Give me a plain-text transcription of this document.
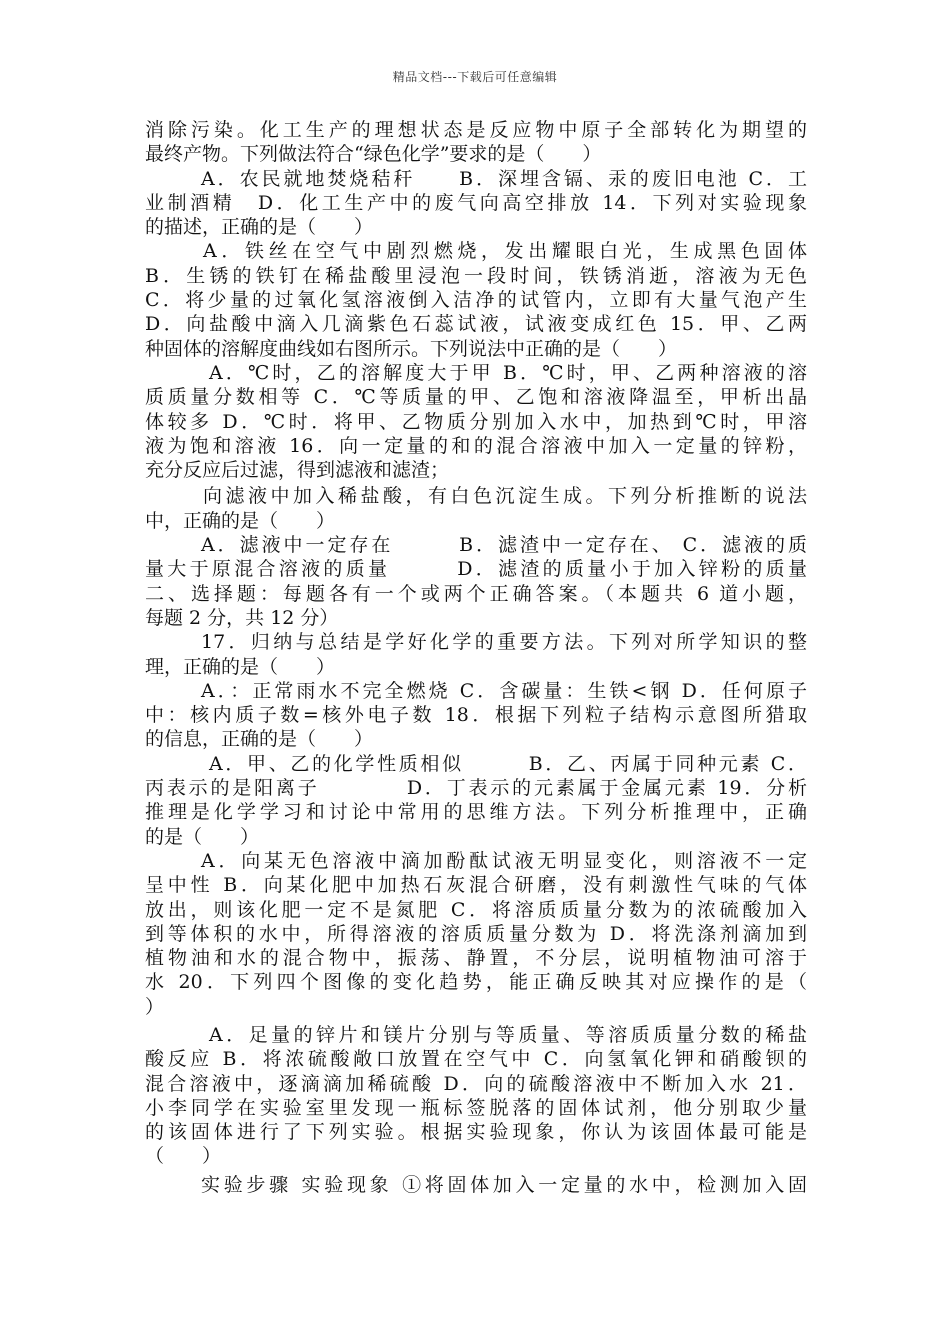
精品文档---下载后可任意编辑
消除污染。化工生产的理想状态是反应物中原子全部转化为期望的
最终产物。下列做法符合“绿色化学”要求的是（　　）
A．农民就地焚烧秸秆　　B．深埋含镉、汞的废旧电池 C．工
业制酒精　D．化工生产中的废气向高空排放 14．下列对实验现象
的描述，正确的是（　　）
A．铁丝在空气中剧烈燃烧，发出耀眼白光，生成黑色固体
B．生锈的铁钉在稀盐酸里浸泡一段时间，铁锈消逝，溶液为无色
C．将少量的过氧化氢溶液倒入洁净的试管内，立即有大量气泡产生
D．向盐酸中滴入几滴紫色石蕊试液，试液变成红色 15．甲、乙两
种固体的溶解度曲线如右图所示。下列说法中正确的是（　　）
A．℃时，乙的溶解度大于甲 B．℃时，甲、乙两种溶液的溶
质质量分数相等 C．℃等质量的甲、乙饱和溶液降温至，甲析出晶
体较多 D．℃时．将甲、乙物质分别加入水中，加热到℃时，甲溶
液为饱和溶液 16．向一定量的和的混合溶液中加入一定量的锌粉，
充分反应后过滤，得到滤液和滤渣；
向滤液中加入稀盐酸，有白色沉淀生成。下列分析推断的说法
中，正确的是（　　）
A．滤液中一定存在　　　B．滤渣中一定存在、 C．滤液的质
量大于原混合溶液的质量　　　D．滤渣的质量小于加入锌粉的质量
二、选择题：每题各有一个或两个正确答案。（本题共 6 道小题，
每题 2 分，共 12 分）
17．归纳与总结是学好化学的重要方法。下列对所学知识的整
理，正确的是（　　）
A．：正常雨水不完全燃烧 C．含碳量：生铁<钢 D．任何原子
中：核内质子数=核外电子数 18．根据下列粒子结构示意图所猎取
的信息，正确的是（　　）
A．甲、乙的化学性质相似　　　B．乙、丙属于同种元素 C．
丙表示的是阳离子　　　　D．丁表示的元素属于金属元素 19．分析
推理是化学学习和讨论中常用的思维方法。下列分析推理中，正确
的是（　　）
A．向某无色溶液中滴加酚酞试液无明显变化，则溶液不一定
呈中性 B．向某化肥中加热石灰混合研磨，没有刺激性气味的气体
放出，则该化肥一定不是氮肥 C．将溶质质量分数为的浓硫酸加入
到等体积的水中，所得溶液的溶质质量分数为 D．将洗涤剂滴加到
植物油和水的混合物中，振荡、静置，不分层，说明植物油可溶于
水 20．下列四个图像的变化趋势，能正确反映其对应操作的是（
）
A．足量的锌片和镁片分别与等质量、等溶质质量分数的稀盐
酸反应 B．将浓硫酸敞口放置在空气中 C．向氢氧化钾和硝酸钡的
混合溶液中，逐滴滴加稀硫酸 D．向的硫酸溶液中不断加入水 21．
小李同学在实验室里发现一瓶标签脱落的固体试剂，他分别取少量
的该固体进行了下列实验。根据实验现象，你认为该固体最可能是
（　　）
实验步骤 实验现象 ①将固体加入一定量的水中，检测加入固
